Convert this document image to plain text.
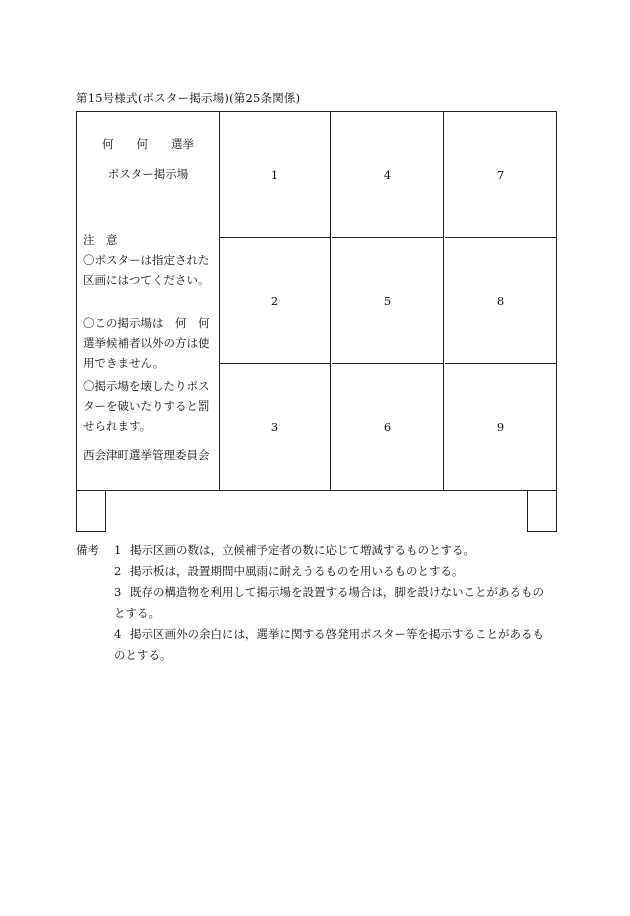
第15号様式(ポスター掲示場)(第25条関係)
何　　何　　選挙
ポスター掲示場
注　意
〇ポスターは指定された区画にはつてください。
〇この掲示場は　何　何選挙候補者以外の方は使用できません。
〇掲示場を壊したりポスターを破いたりすると罰せられます。
西会津町選挙管理委員会
1
2
3
4
5
6
7
8
9
備考 1 掲示区画の数は，立候補予定者の数に応じて増減するものとする。
2 掲示板は，設置期間中風雨に耐えうるものを用いるものとする。
3 既存の構造物を利用して掲示場を設置する場合は，脚を設けないことがあるものとする。
4 掲示区画外の余白には，選挙に関する啓発用ポスター等を掲示することがあるものとする。
